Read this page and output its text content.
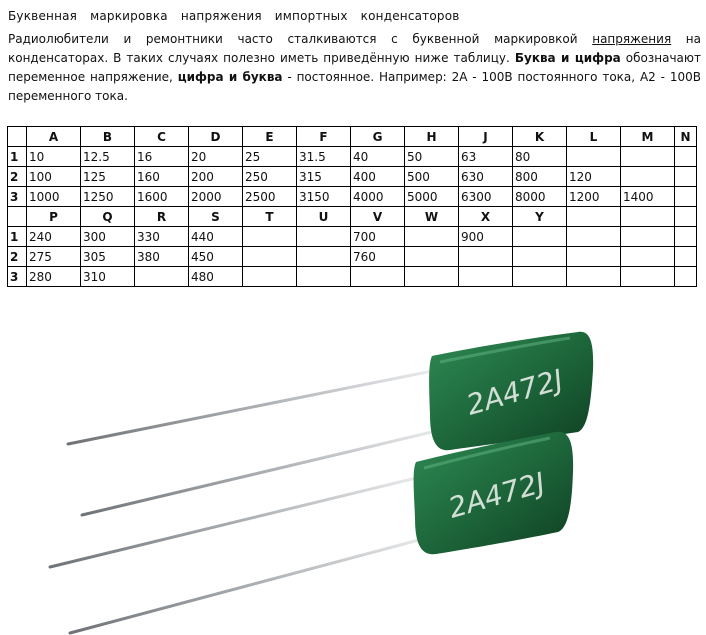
Буквенная маркировка напряжения импортных конденсаторов
Радиолюбители и ремонтники часто сталкиваются с буквенной маркировкой напряжения на конденсаторах. В таких случаях полезно иметь приведённую ниже таблицу. Буква и цифра обозначают переменное напряжение, цифра и буква - постоянное. Например: 2A - 100В постоянного тока, A2 - 100В переменного тока.
	A	B	C	D	E	F	G	H	J	K	L	M	N
1	10	12.5	16	20	25	31.5	40	50	63	80			
2	100	125	160	200	250	315	400	500	630	800	120		
3	1000	1250	1600	2000	2500	3150	4000	5000	6300	8000	1200	1400	
	P	Q	R	S	T	U	V	W	X	Y			
1	240	300	330	440			700		900				
2	275	305	380	450			760						
3	280	310		480									
2A472J
2A472J
